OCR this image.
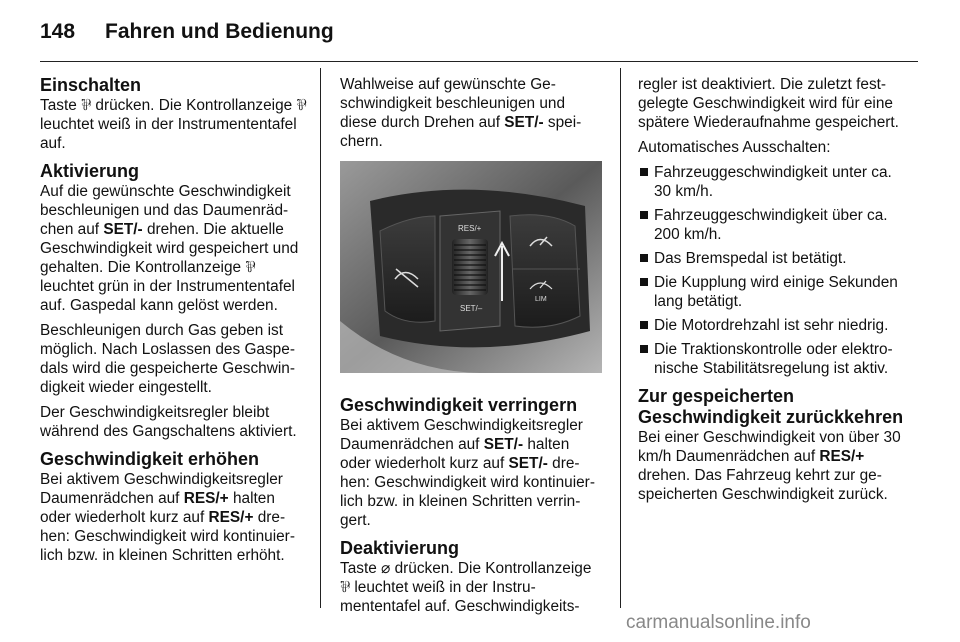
148 Fahren und Bedienung
Einschalten

Taste ⅌ drücken. Die Kontrollanzeige ⅌ leuchtet weiß in der Instrumententafel auf.

Aktivierung

Auf die gewünschte Geschwindigkeit beschleunigen und das Daumenrädchen auf SET/- drehen. Die aktuelle Geschwindigkeit wird gespeichert und gehalten. Die Kontrollanzeige ⅌ leuchtet grün in der Instrumententafel auf. Gaspedal kann gelöst werden.

Beschleunigen durch Gas geben ist möglich. Nach Loslassen des Gaspedals wird die gespeicherte Geschwindigkeit wieder eingestellt.

Der Geschwindigkeitsregler bleibt während des Gangschaltens aktiviert.

Geschwindigkeit erhöhen

Bei aktivem Geschwindigkeitsregler Daumenrädchen auf RES/+ halten oder wiederholt kurz auf RES/+ drehen: Geschwindigkeit wird kontinuierlich bzw. in kleinen Schritten erhöht.

Wahlweise auf gewünschte Geschwindigkeit beschleunigen und diese durch Drehen auf SET/- speichern.

RES/+
SET/–
LIM
Geschwindigkeit verringern

Bei aktivem Geschwindigkeitsregler Daumenrädchen auf SET/- halten oder wiederholt kurz auf SET/- drehen: Geschwindigkeit wird kontinuierlich bzw. in kleinen Schritten verringert.

Deaktivierung

Taste ⌀ drücken. Die Kontrollanzeige ⅌ leuchtet weiß in der Instrumententafel auf. Geschwindigkeits-

regler ist deaktiviert. Die zuletzt festgelegte Geschwindigkeit wird für eine spätere Wiederaufnahme gespeichert.

Automatisches Ausschalten:

Fahrzeuggeschwindigkeit unter ca. 30 km/h.
Fahrzeuggeschwindigkeit über ca. 200 km/h.
Das Bremspedal ist betätigt.
Die Kupplung wird einige Sekunden lang betätigt.
Die Motordrehzahl ist sehr niedrig.
Die Traktionskontrolle oder elektronische Stabilitätsregelung ist aktiv.
Zur gespeicherten Geschwindigkeit zurückkehren

Bei einer Geschwindigkeit von über 30 km/h Daumenrädchen auf RES/+ drehen. Das Fahrzeug kehrt zur gespeicherten Geschwindigkeit zurück.

carmanualsonline.info
